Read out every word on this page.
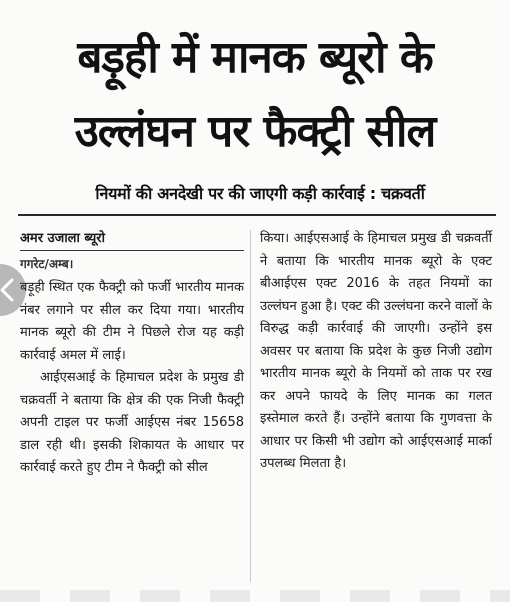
बड़ूही में मानक ब्यूरो के
उल्लंघन पर फैक्ट्री सील
नियमों की अनदेखी पर की जाएगी कड़ी कार्रवाई : चक्रवर्ती
अमर उजाला ब्यूरो
गगरेट/अम्ब।

बड़ूही स्थित एक फैक्ट्री को फर्जी भारतीय मानक नंबर लगाने पर सील कर दिया गया। भारतीय मानक ब्यूरो की टीम ने पिछले रोज यह कड़ी कार्रवाई अमल में लाई।

आईएसआई के हिमाचल प्रदेश के प्रमुख डी चक्रवर्ती ने बताया कि क्षेत्र की एक निजी फैक्ट्री अपनी टाइल पर फर्जी आईएस नंबर 15658 डाल रही थी। इसकी शिकायत के आधार पर कार्रवाई करते हुए टीम ने फैक्ट्री को सील

किया। आईएसआई के हिमाचल प्रमुख डी चक्रवर्ती ने बताया कि भारतीय मानक ब्यूरो के एक्ट बीआईएस एक्ट 2016 के तहत नियमों का उल्लंघन हुआ है। एक्ट की उल्लंघना करने वालों के विरुद्ध कड़ी कार्रवाई की जाएगी। उन्होंने इस अवसर पर बताया कि प्रदेश के कुछ निजी उद्योग भारतीय मानक ब्यूरो के नियमों को ताक पर रख कर अपने फायदे के लिए मानक का गलत इस्तेमाल करते हैं। उन्होंने बताया कि गुणवत्ता के आधार पर किसी भी उद्योग को आईएसआई मार्का उपलब्ध मिलता है।
